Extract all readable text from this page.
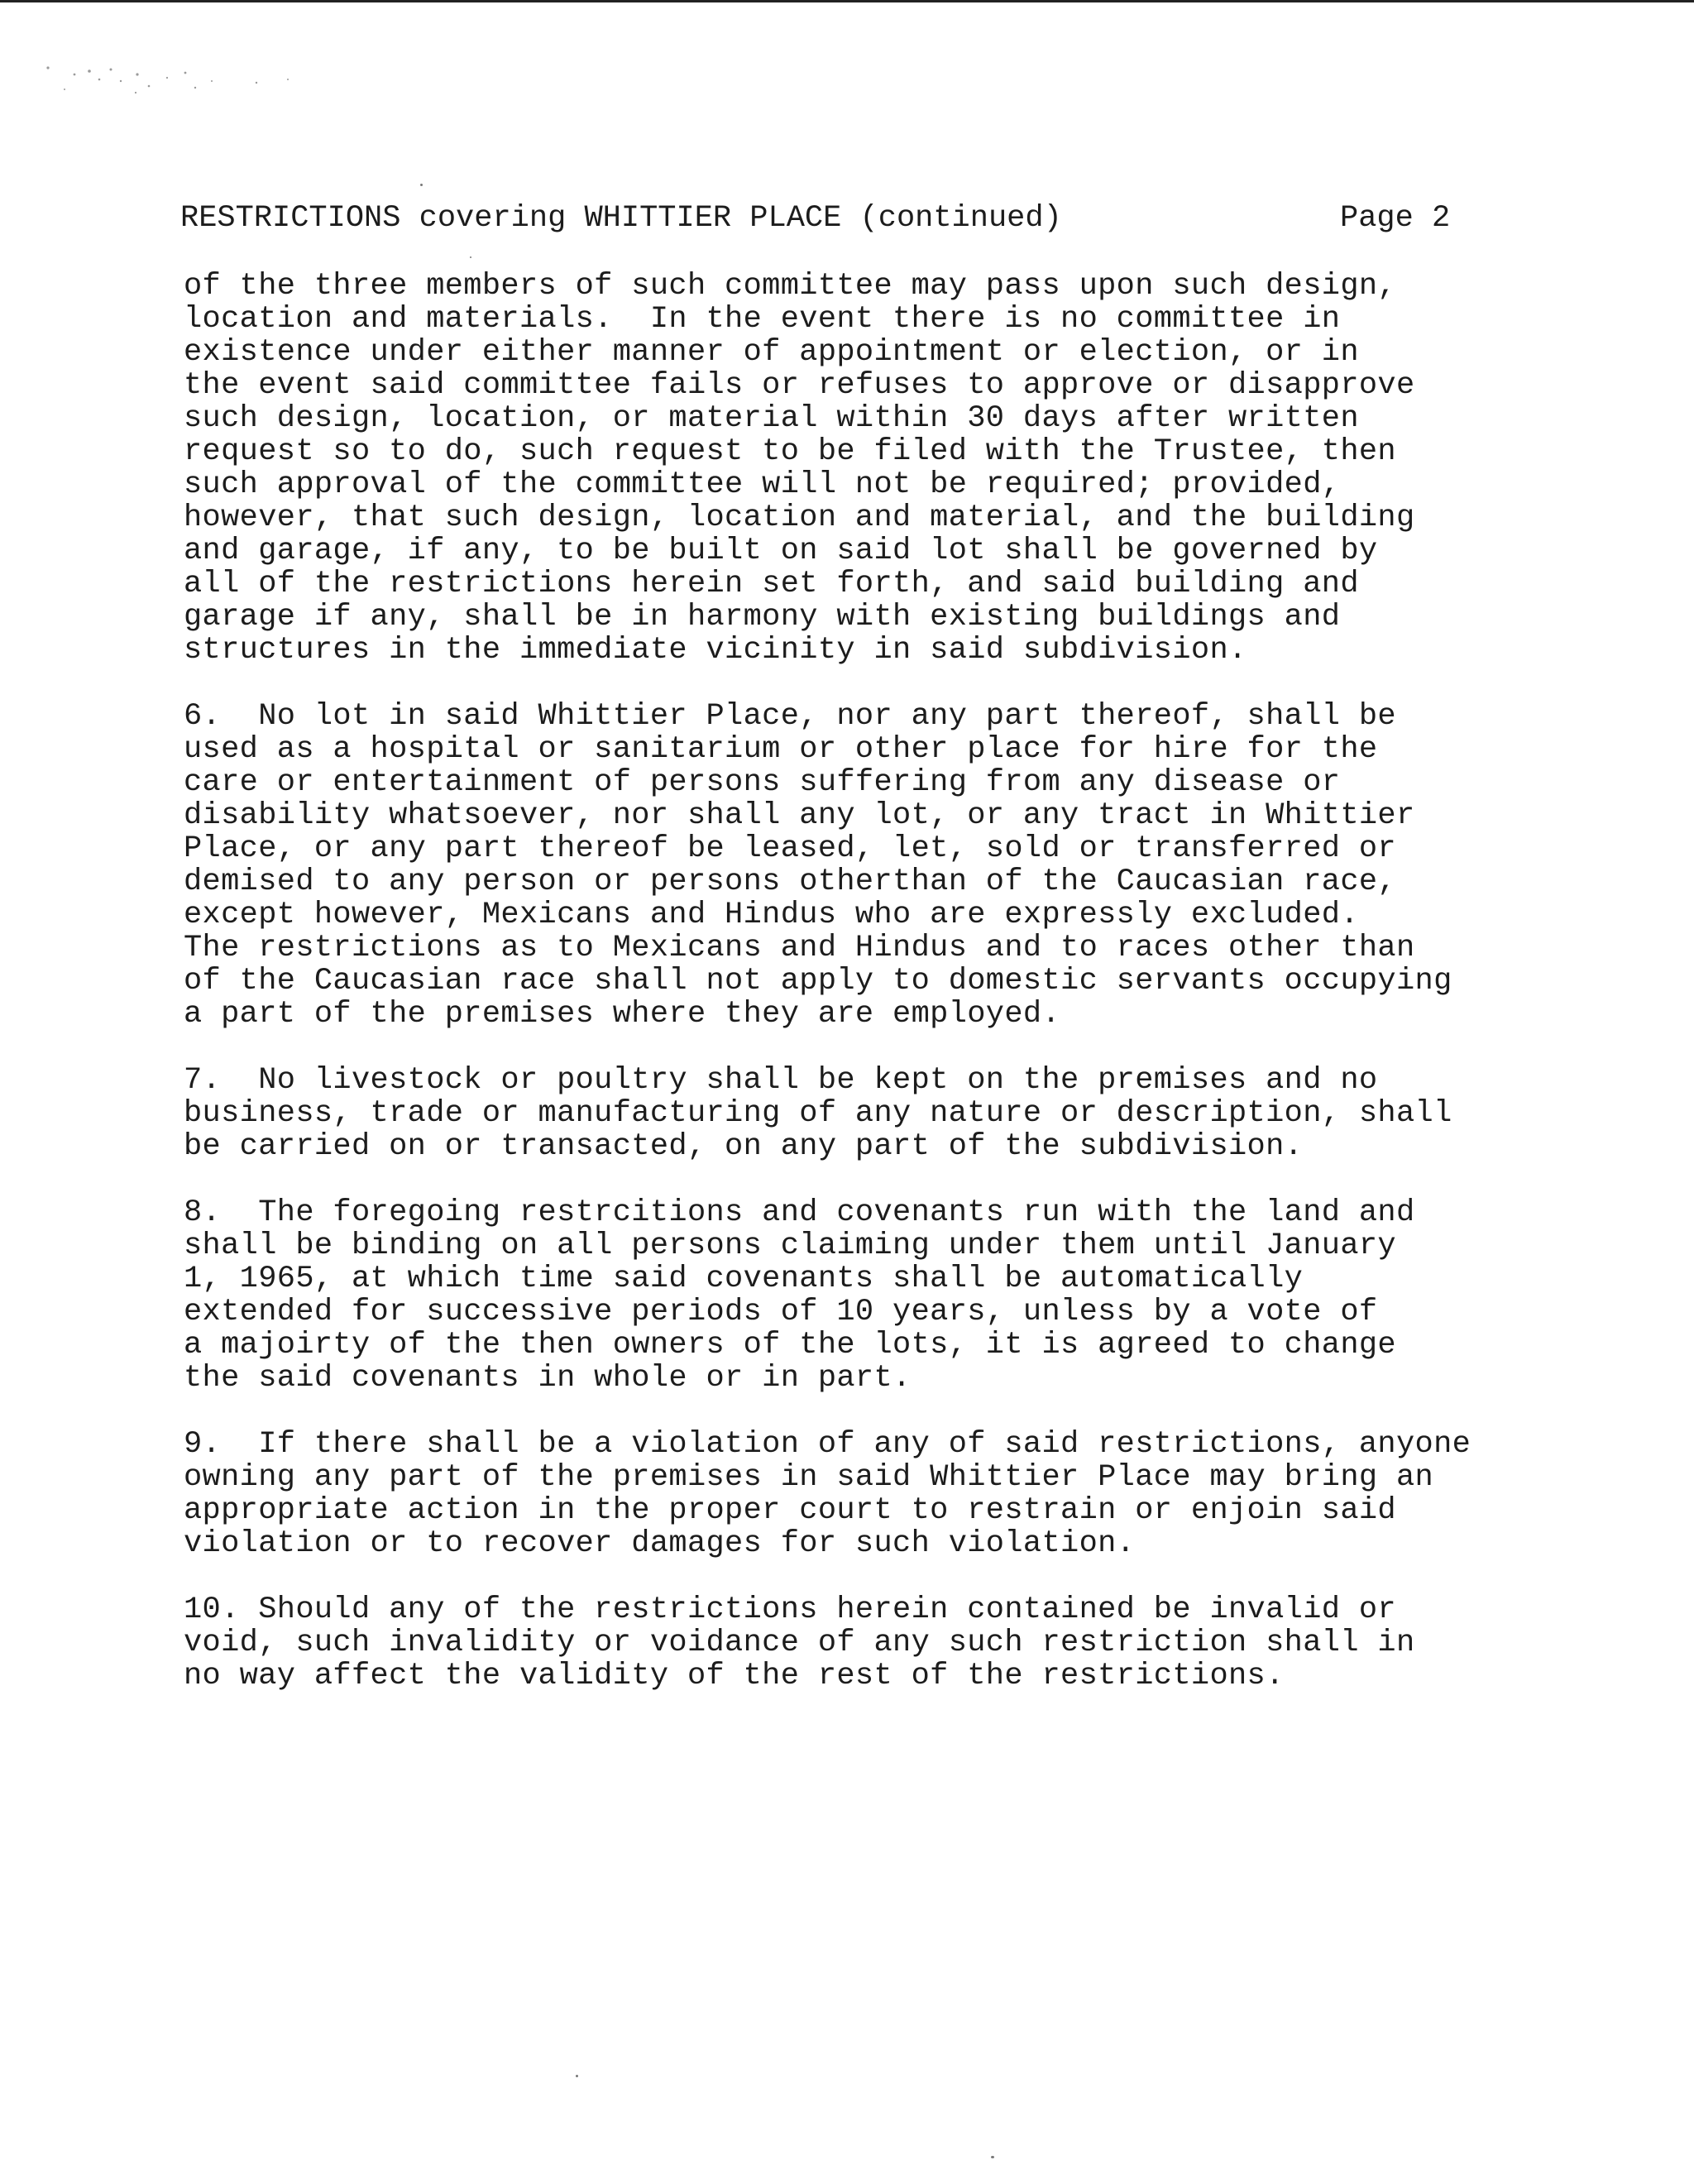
RESTRICTIONS covering WHITTIER PLACE (continued)

	Page 2

of the three members of such committee may pass upon such design,
location and materials.  In the event there is no committee in
existence under either manner of appointment or election, or in
the event said committee fails or refuses to approve or disapprove
such design, location, or material within 30 days after written
request so to do, such request to be filed with the Trustee, then
such approval of the committee will not be required; provided,
however, that such design, location and material, and the building
and garage, if any, to be built on said lot shall be governed by
all of the restrictions herein set forth, and said building and
garage if any, shall be in harmony with existing buildings and
structures in the immediate vicinity in said subdivision.
6.  No lot in said Whittier Place, nor any part thereof, shall be
used as a hospital or sanitarium or other place for hire for the
care or entertainment of persons suffering from any disease or
disability whatsoever, nor shall any lot, or any tract in Whittier
Place, or any part thereof be leased, let, sold or transferred or
demised to any person or persons otherthan of the Caucasian race,
except however, Mexicans and Hindus who are expressly excluded.
The restrictions as to Mexicans and Hindus and to races other than
of the Caucasian race shall not apply to domestic servants occupying
a part of the premises where they are employed.
7.  No livestock or poultry shall be kept on the premises and no
business, trade or manufacturing of any nature or description, shall
be carried on or transacted, on any part of the subdivision.
8.  The foregoing restrcitions and covenants run with the land and
shall be binding on all persons claiming under them until January
1, 1965, at which time said covenants shall be automatically
extended for successive periods of 10 years, unless by a vote of
a majoirty of the then owners of the lots, it is agreed to change
the said covenants in whole or in part.
9.  If there shall be a violation of any of said restrictions, anyone
owning any part of the premises in said Whittier Place may bring an
appropriate action in the proper court to restrain or enjoin said
violation or to recover damages for such violation.
10. Should any of the restrictions herein contained be invalid or
void, such invalidity or voidance of any such restriction shall in
no way affect the validity of the rest of the restrictions.
